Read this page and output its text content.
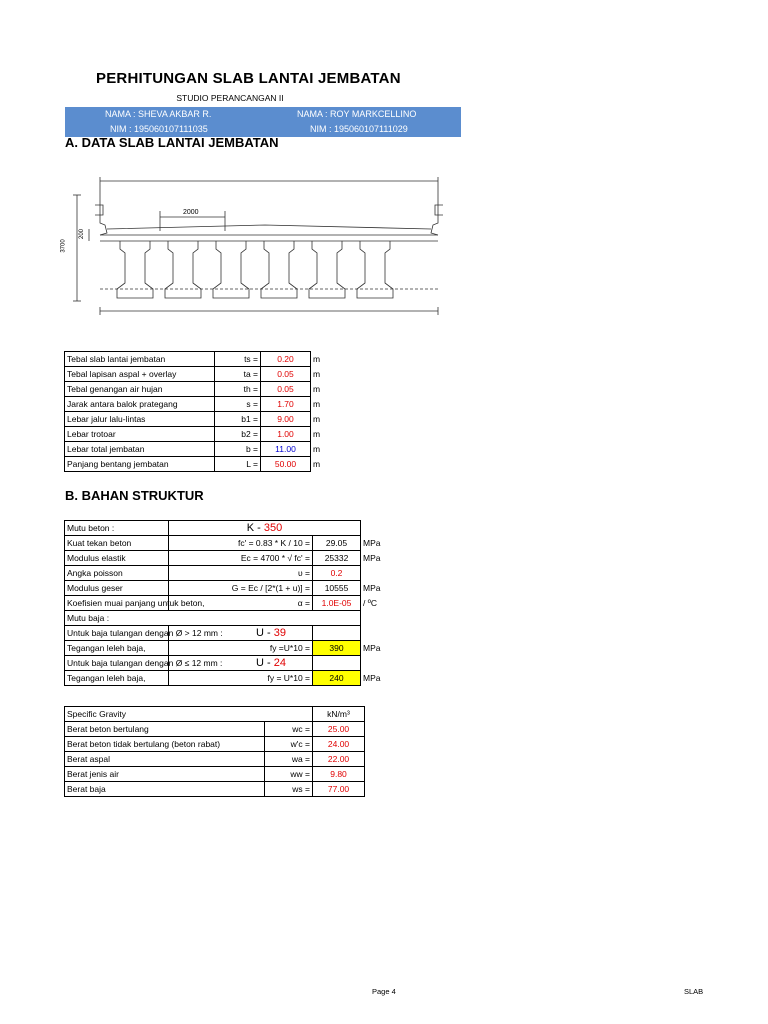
PERHITUNGAN SLAB LANTAI JEMBATAN
STUDIO PERANCANGAN II
NAMA : SHEVA AKBAR R.	NAMA : ROY MARKCELLINO
NIM : 195060107111035	NIM : 195060107111029
A. DATA SLAB LANTAI JEMBATAN
2000
3700
200
Tebal slab lantai jembatan	ts =	0.20	m
Tebal lapisan aspal + overlay	ta =	0.05	m
Tebal genangan air hujan	th =	0.05	m
Jarak antara balok prategang	s =	1.70	m
Lebar jalur lalu-lintas	b1 =	9.00	m
Lebar trotoar	b2 =	1.00	m
Lebar total jembatan	b =	11.00	m
Panjang bentang jembatan	L =	50.00	m
B. BAHAN STRUKTUR
Mutu beton :	K - 350		
Kuat tekan beton	fc' = 0.83 * K / 10 =	29.05	MPa
Modulus elastik	Ec = 4700 * √ fc' =	25332	MPa
Angka poisson	υ =	0.2	
Modulus geser	G = Ec / [2*(1 + u)] =	10555	MPa
Koefisien muai panjang untuk beton,	α =	1.0E-05	/ ºC
Mutu baja :			
Untuk baja tulangan dengan Ø > 12 mm :	U - 39		
Tegangan leleh baja,	fy =U*10 =	390	MPa
Untuk baja tulangan dengan Ø ≤ 12 mm :	U - 24		
Tegangan leleh baja,	fy = U*10 =	240	MPa
Specific Gravity		kN/m³
Berat beton bertulang	wc =	25.00
Berat beton tidak bertulang (beton rabat)	w'c =	24.00
Berat aspal	wa =	22.00
Berat jenis air	ww =	9.80
Berat baja	ws =	77.00
Page 4	SLAB
